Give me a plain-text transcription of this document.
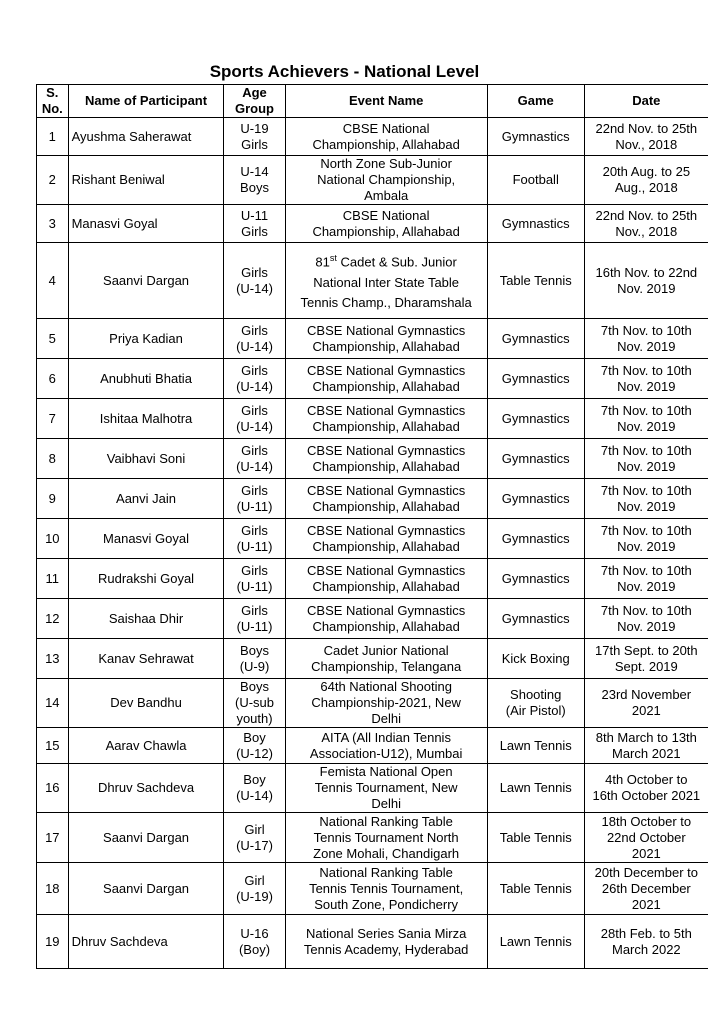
Sports Achievers - National Level
S.
No.	Name of Participant	Age
Group	Event Name	Game	Date
1	Ayushma Saherawat	U-19
Girls	CBSE National
Championship, Allahabad	Gymnastics	22nd Nov. to 25th
Nov., 2018
2	Rishant Beniwal	U-14
Boys	North Zone Sub-Junior
National Championship,
Ambala	Football	20th Aug. to 25
Aug., 2018
3	Manasvi Goyal	U-11
Girls	CBSE National
Championship, Allahabad	Gymnastics	22nd Nov. to 25th
Nov., 2018
4	Saanvi Dargan	Girls
(U-14)	81st Cadet & Sub. Junior
National Inter State Table
Tennis Champ., Dharamshala	Table Tennis	16th Nov. to 22nd
Nov. 2019
5	Priya Kadian	Girls
(U-14)	CBSE National Gymnastics
Championship, Allahabad	Gymnastics	7th Nov. to 10th
Nov. 2019
6	Anubhuti Bhatia	Girls
(U-14)	CBSE National Gymnastics
Championship, Allahabad	Gymnastics	7th Nov. to 10th
Nov. 2019
7	Ishitaa Malhotra	Girls
(U-14)	CBSE National Gymnastics
Championship, Allahabad	Gymnastics	7th Nov. to 10th
Nov. 2019
8	Vaibhavi Soni	Girls
(U-14)	CBSE National Gymnastics
Championship, Allahabad	Gymnastics	7th Nov. to 10th
Nov. 2019
9	Aanvi Jain	Girls
(U-11)	CBSE National Gymnastics
Championship, Allahabad	Gymnastics	7th Nov. to 10th
Nov. 2019
10	Manasvi Goyal	Girls
(U-11)	CBSE National Gymnastics
Championship, Allahabad	Gymnastics	7th Nov. to 10th
Nov. 2019
11	Rudrakshi Goyal	Girls
(U-11)	CBSE National Gymnastics
Championship, Allahabad	Gymnastics	7th Nov. to 10th
Nov. 2019
12	Saishaa Dhir	Girls
(U-11)	CBSE National Gymnastics
Championship, Allahabad	Gymnastics	7th Nov. to 10th
Nov. 2019
13	Kanav Sehrawat	Boys
(U-9)	Cadet Junior National
Championship, Telangana	Kick Boxing	17th Sept. to 20th
Sept. 2019
14	Dev Bandhu	Boys
(U-sub
youth)	64th National Shooting
Championship-2021, New
Delhi	Shooting
(Air Pistol)	23rd November
2021
15	Aarav Chawla	Boy
(U-12)	AITA (All Indian Tennis
Association-U12), Mumbai	Lawn Tennis	8th March to 13th
March 2021
16	Dhruv Sachdeva	Boy
(U-14)	Femista National Open
Tennis Tournament, New
Delhi	Lawn Tennis	4th October to
16th October 2021
17	Saanvi Dargan	Girl
(U-17)	National Ranking Table
Tennis Tournament North
Zone Mohali, Chandigarh	Table Tennis	18th October to
22nd October
2021
18	Saanvi Dargan	Girl
(U-19)	National Ranking Table
Tennis Tennis Tournament,
South Zone, Pondicherry	Table Tennis	20th December to
26th December
2021
19	Dhruv Sachdeva	U-16
(Boy)	National Series Sania Mirza
Tennis Academy, Hyderabad	Lawn Tennis	28th Feb. to 5th
March 2022
